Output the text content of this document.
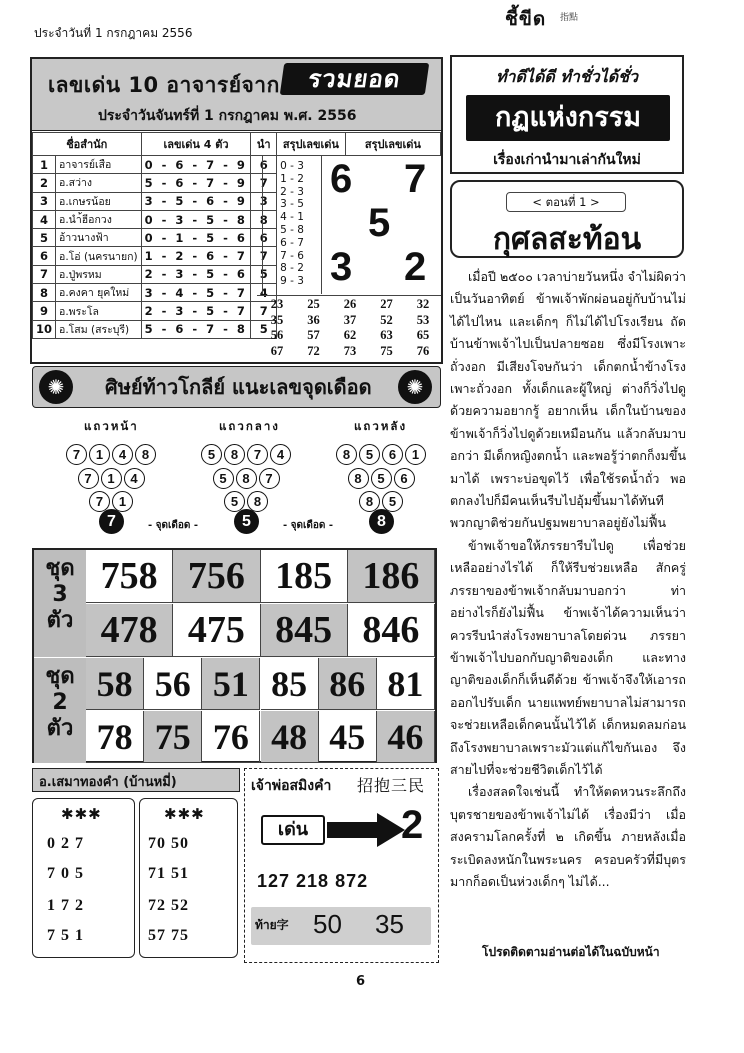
ประจำวันที่ 1 กรกฎาคม 2556
ชี้ขีด 指點
เลขเด่น 10 อาจารย์จาก	รวมยอด
ประจำวันจันทร์ที่ 1 กรกฎาคม พ.ศ. 2556
ชื่อสำนัก		เลขเด่น 4 ตัว	นำ	สรุปเลขเด่น	สรุปเลขเด่น
1	อาจารย์เสือ	0 - 6 - 7 - 9	6		
2	อ.สว่าง	5 - 6 - 7 - 9	7		
3	อ.เกษรน้อย	3 - 5 - 6 - 9	3		
4	อ.นำ้ฮีอกวง	0 - 3 - 5 - 8	8		
5	อ้าวนางฟ้า	0 - 1 - 5 - 6	6		
6	อ.โอ่ (นครนายก)	1 - 2 - 6 - 7	7		
7	อ.ปู่พรหม	2 - 3 - 5 - 6	5		
8	อ.คงคา ยุคใหม่	3 - 4 - 5 - 7	4		
9	อ.พระโล	2 - 3 - 5 - 7	7		
10	อ.โสม (สระบุรี)	5 - 6 - 7 - 8	5		
0 - 3
1 - 2
2 - 3
3 - 5
4 - 1
5 - 8
6 - 7
7 - 6
8 - 2
9 - 3
6 7
5
3 2
23	25	26	27	32
35	36	37	52	53
56	57	62	63	65
67	72	73	75	76
✺	ศิษย์ท้าวโกลีย์ แนะเลขจุดเดือด	✺
แถวหน้า
7	1	4	8
7	1	4
7	1
7	- จุดเดือด -
แถวกลาง
5	8	7	4
5	8	7
5	8
5	- จุดเดือด -
แถวหลัง
8	5	6	1
8	5	6
8	5
8
ชุด
3
ตัว
ชุด
2
ตัว
758 756 185 186
478 475 845 846
58 56 51 85 86 81
78 75 76 48 45 46
อ.เสมาทองคำ (บ้านหมี่)
✱✱✱
0 2 7
7 0 5
1 7 2
7 5 1
✱✱✱
70 50
71 51
72 52
57 75
เจ้าพ่อสมิงคำ 招抱三民
เด่น	2
127 218 872
ท้าย字 50 35
ทำดีได้ดี ทำชั่วได้ชั่ว
กฏแห่งกรรม
เรื่องเก่านำมาเล่ากันใหม่
< ตอนที่ 1 >
กุศลสะท้อน

เมื่อปี ๒๕๐๐ เวลาบ่ายวันหนึ่ง จำไม่ผิดว่าเป็นวันอาทิตย์ ข้าพเจ้าพักผ่อนอยู่กับบ้านไม่ได้ไปไหน และเด็กๆ ก็ไม่ได้ไปโรงเรียน ถัดบ้านข้าพเจ้าไปเป็นปลายซอย ซึ่งมีโรงเพาะถั่วงอก มีเสียงโจษกันว่า เด็กตกน้ำข้างโรงเพาะถั่วงอก ทั้งเด็กและผู้ใหญ่ ต่างก็วิ่งไปดูด้วยความอยากรู้ อยากเห็น เด็กในบ้านของข้าพเจ้าก็วิ่งไปดูด้วยเหมือนกัน แล้วกลับมาบอกว่า มีเด็กหญิงตกน้ำ และพอรู้ว่าตกก็งมขึ้นมาได้ เพราะบ่อขุดไว้ เพื่อใช้รดน้ำถั่ว พอตกลงไปก็มีคนเห็นรีบไปอุ้มขึ้นมาได้ทันที พวกญาติช่วยกันปฐมพยาบาลอยู่ยังไม่ฟื้น

ข้าพเจ้าขอให้ภรรยารีบไปดู เพื่อช่วยเหลืออย่างไรได้ ก็ให้รีบช่วยเหลือ สักครู่ภรรยาของข้าพเจ้ากลับมาบอกว่า ท่าอย่างไรก็ยังไม่ฟื้น ข้าพเจ้าได้ความเห็นว่า ควรรีบนำส่งโรงพยาบาลโดยด่วน ภรรยาข้าพเจ้าไปบอกกับญาติของเด็ก และทางญาติของเด็กก็เห็นดีด้วย ข้าพเจ้าจึงให้เอารถออกไปรับเด็ก นายแพทย์พยาบาลไม่สามารถจะช่วยเหลือเด็กคนนั้นไว้ได้ เด็กหมดลมก่อนถึงโรงพยาบาลเพราะมัวแต่แก้ไขกันเอง จึงสายไปที่จะช่วยชีวิตเด็กไว้ได้

เรื่องสลดใจเช่นนี้ ทำให้ตดหวนระลึกถึงบุตรชายของข้าพเจ้าไม่ได้ เรื่องมีว่า เมื่อสงครามโลกครั้งที่ ๒ เกิดขึ้น ภายหลังเมื่อระเบิดลงหนักในพระนคร ครอบครัวที่มีบุตรมากก็อดเป็นห่วงเด็กๆ ไม่ได้...

โปรดติดตามอ่านต่อได้ในฉบับหน้า
6
